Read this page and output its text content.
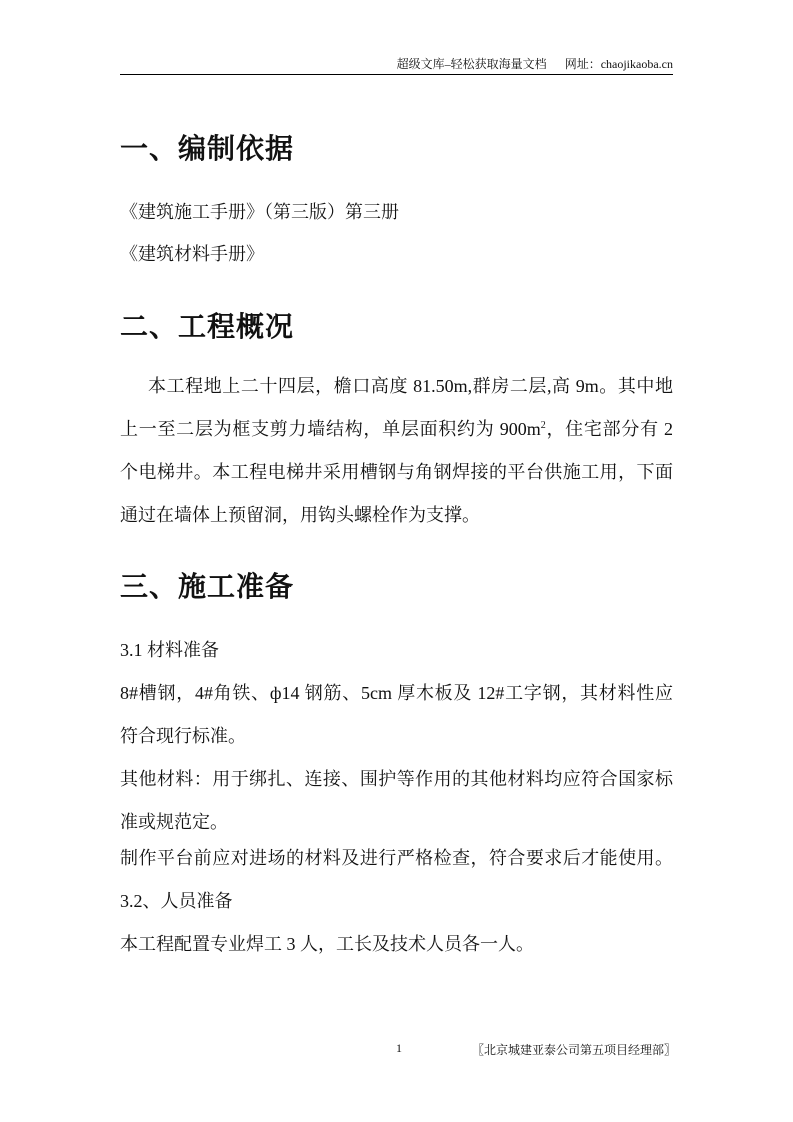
超级文库–轻松获取海量文档 网址：chaojikaoba.cn
一、编制依据
《建筑施工手册》（第三版）第三册
《建筑材料手册》
二、工程概况
本工程地上二十四层，檐口高度 81.50m,群房二层,高 9m。其中地
上一至二层为框支剪力墙结构，单层面积约为 $900m^2$，住宅部分有 2
个电梯井。本工程电梯井采用槽钢与角钢焊接的平台供施工用，下面
通过在墙体上预留洞，用钩头螺栓作为支撑。
三、施工准备
3.1 材料准备
8#槽钢，4#角铁、ф14 钢筋、5cm 厚木板及 12#工字钢，其材料性应
符合现行标准。
其他材料：用于绑扎、连接、围护等作用的其他材料均应符合国家标
准或规范定。
制作平台前应对进场的材料及进行严格检查，符合要求后才能使用。
3.2、人员准备
本工程配置专业焊工 3 人，工长及技术人员各一人。
1	〖北京城建亚泰公司第五项目经理部〗
